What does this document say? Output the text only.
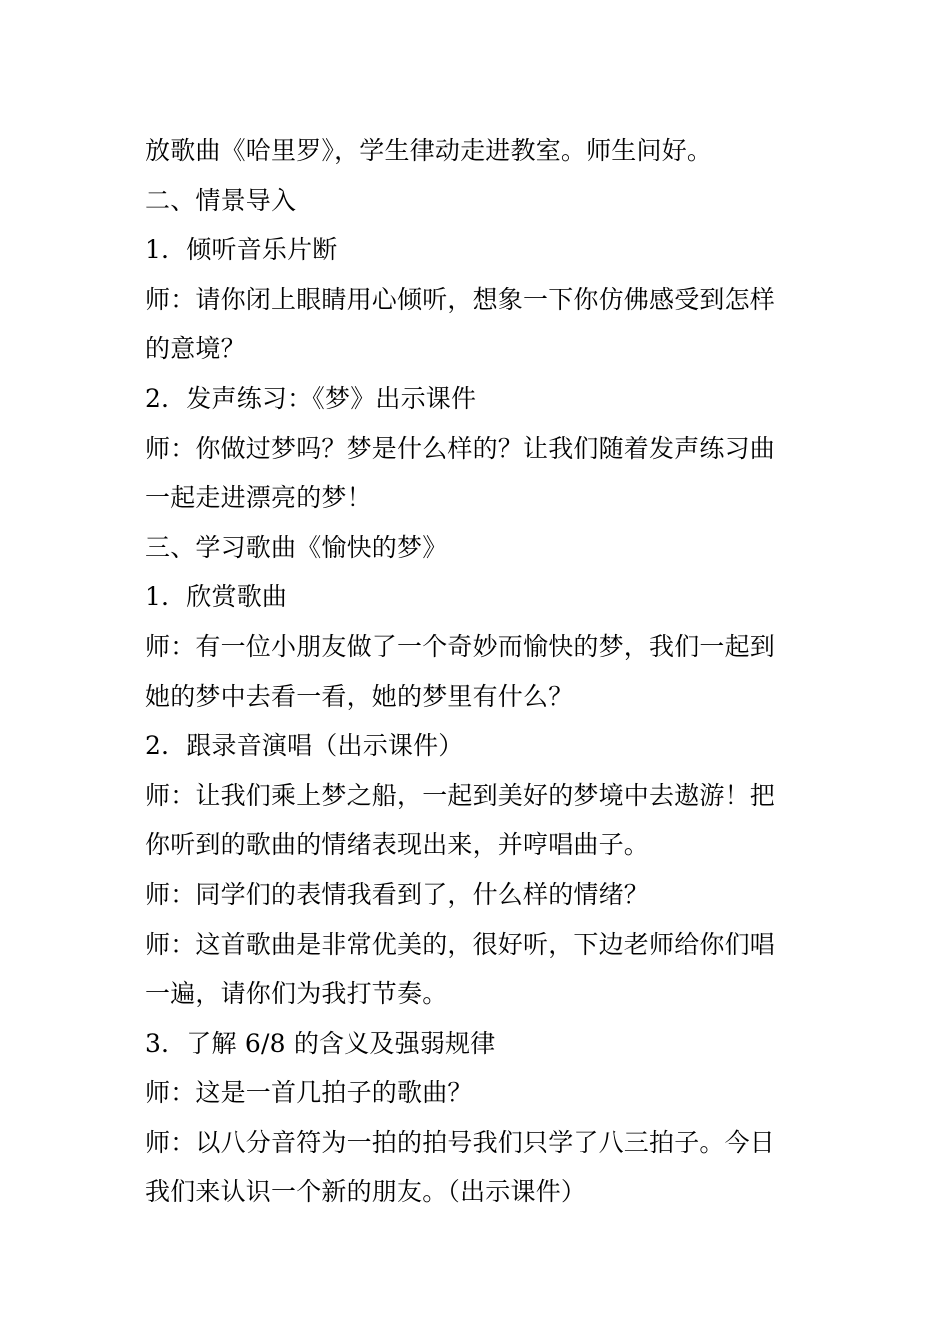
放歌曲《哈里罗》，学生律动走进教室。师生问好。
二、情景导入
1．倾听音乐片断
师：请你闭上眼睛用心倾听，想象一下你仿佛感受到怎样
的意境？
2．发声练习：《梦》出示课件
师：你做过梦吗？梦是什么样的？让我们随着发声练习曲
一起走进漂亮的梦！
三、学习歌曲《愉快的梦》
1．欣赏歌曲
师：有一位小朋友做了一个奇妙而愉快的梦，我们一起到
她的梦中去看一看，她的梦里有什么？
2．跟录音演唱（出示课件）
师：让我们乘上梦之船，一起到美好的梦境中去遨游！把
你听到的歌曲的情绪表现出来，并哼唱曲子。
师：同学们的表情我看到了，什么样的情绪？
师：这首歌曲是非常优美的，很好听，下边老师给你们唱
一遍，请你们为我打节奏。
3．了解 6/8 的含义及强弱规律
师：这是一首几拍子的歌曲？
师：以八分音符为一拍的拍号我们只学了八三拍子。今日
我们来认识一个新的朋友。（出示课件）
